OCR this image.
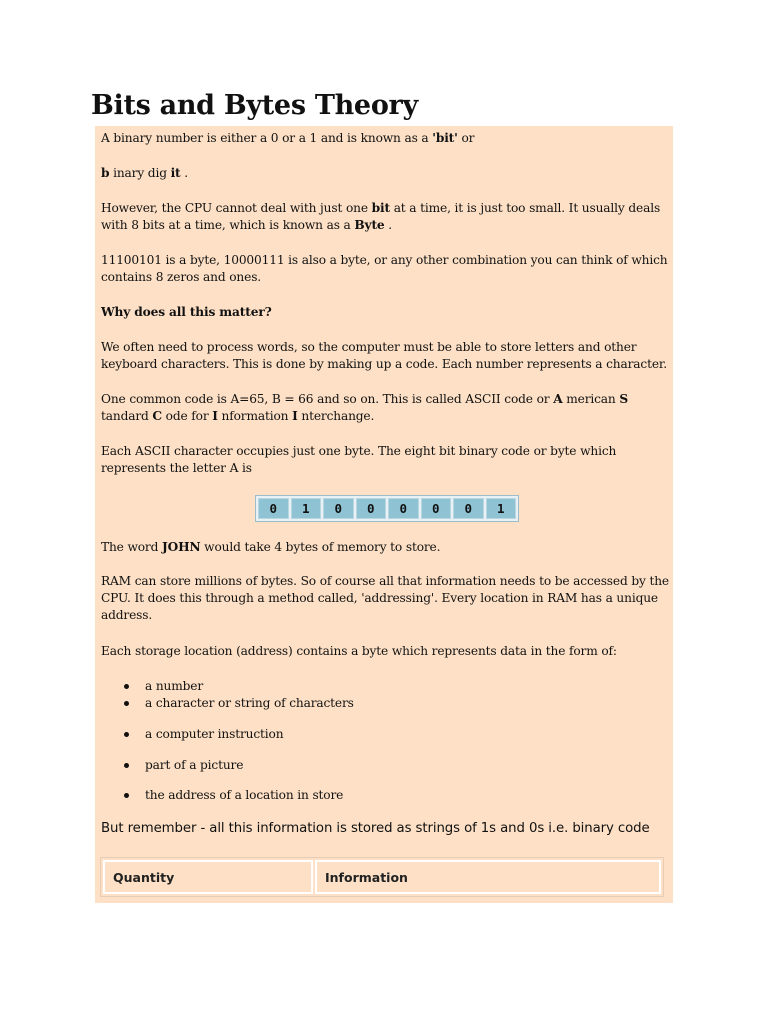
Bits and Bytes Theory

A binary number is either a 0 or a 1 and is known as a 'bit' or

b inary dig it .

However, the CPU cannot deal with just one bit at a time, it is just too small. It usually deals with 8 bits at a time, which is known as a Byte .

11100101 is a byte, 10000111 is also a byte, or any other combination you can think of which contains 8 zeros and ones.

Why does all this matter?

We often need to process words, so the computer must be able to store letters and other keyboard characters. This is done by making up a code. Each number represents a character.

One common code is A=65, B = 66 and so on. This is called ASCII code or A merican S
tandard C ode for I nformation I nterchange.

Each ASCII character occupies just one byte. The eight bit binary code or byte which represents the letter A is

0	1	0	0	0	0	0	1

The word JOHN would take 4 bytes of memory to store.

RAM can store millions of bytes. So of course all that information needs to be accessed by the CPU. It does this through a method called, 'addressing'. Every location in RAM has a unique address.

Each storage location (address) contains a byte which represents data in the form of:

a number
a character or string of characters
a computer instruction
part of a picture
the address of a location in store
But remember - all this information is stored as strings of 1s and 0s i.e. binary code
Quantity	Information
